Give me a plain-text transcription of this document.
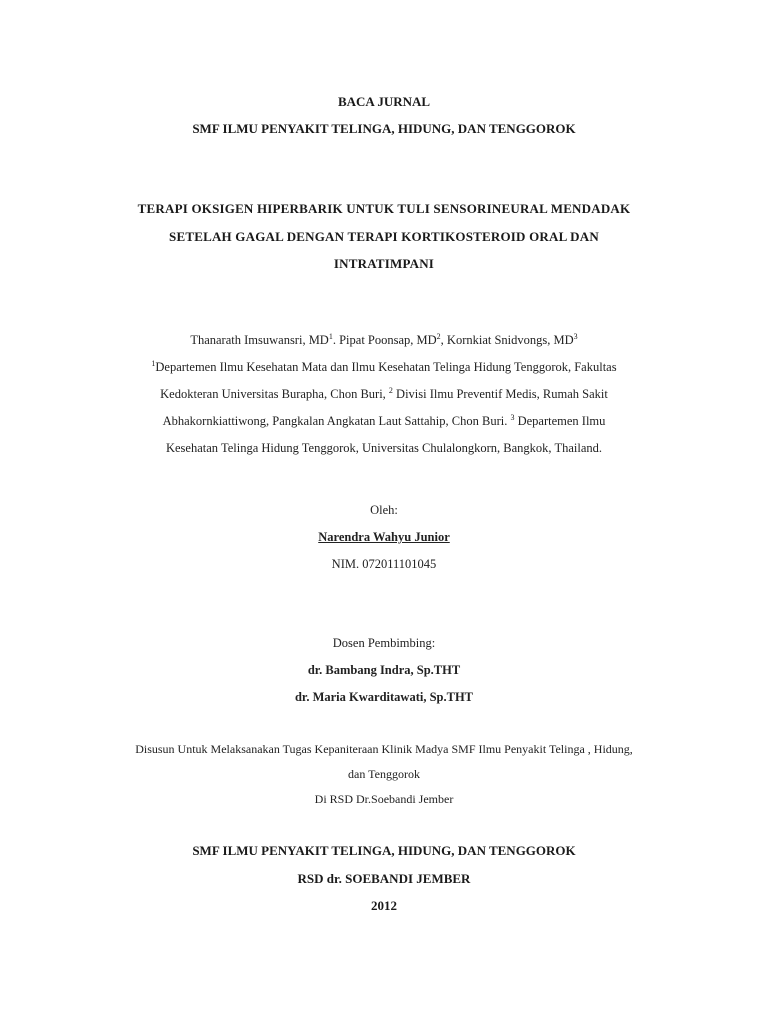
BACA JURNAL
SMF ILMU PENYAKIT TELINGA, HIDUNG, DAN TENGGOROK
TERAPI OKSIGEN HIPERBARIK UNTUK TULI SENSORINEURAL MENDADAK
SETELAH GAGAL DENGAN TERAPI KORTIKOSTEROID ORAL DAN
INTRATIMPANI
Thanarath Imsuwansri, $MD^1$. Pipat Poonsap, $MD^2$, Kornkiat Snidvongs, $MD^3$
$^1$Departemen Ilmu Kesehatan Mata dan Ilmu Kesehatan Telinga Hidung Tenggorok, Fakultas
Kedokteran Universitas Burapha, Chon Buri, $^2$ Divisi Ilmu Preventif Medis, Rumah Sakit
Abhakornkiattiwong, Pangkalan Angkatan Laut Sattahip, Chon Buri. $^3$ Departemen Ilmu
Kesehatan Telinga Hidung Tenggorok, Universitas Chulalongkorn, Bangkok, Thailand.
Oleh:
Narendra Wahyu Junior
NIM. 072011101045
Dosen Pembimbing:
dr. Bambang Indra, Sp.THT
dr. Maria Kwarditawati, Sp.THT
Disusun Untuk Melaksanakan Tugas Kepaniteraan Klinik Madya SMF Ilmu Penyakit Telinga , Hidung,
dan Tenggorok
Di RSD Dr.Soebandi Jember
SMF ILMU PENYAKIT TELINGA, HIDUNG, DAN TENGGOROK
RSD dr. SOEBANDI JEMBER
2012
